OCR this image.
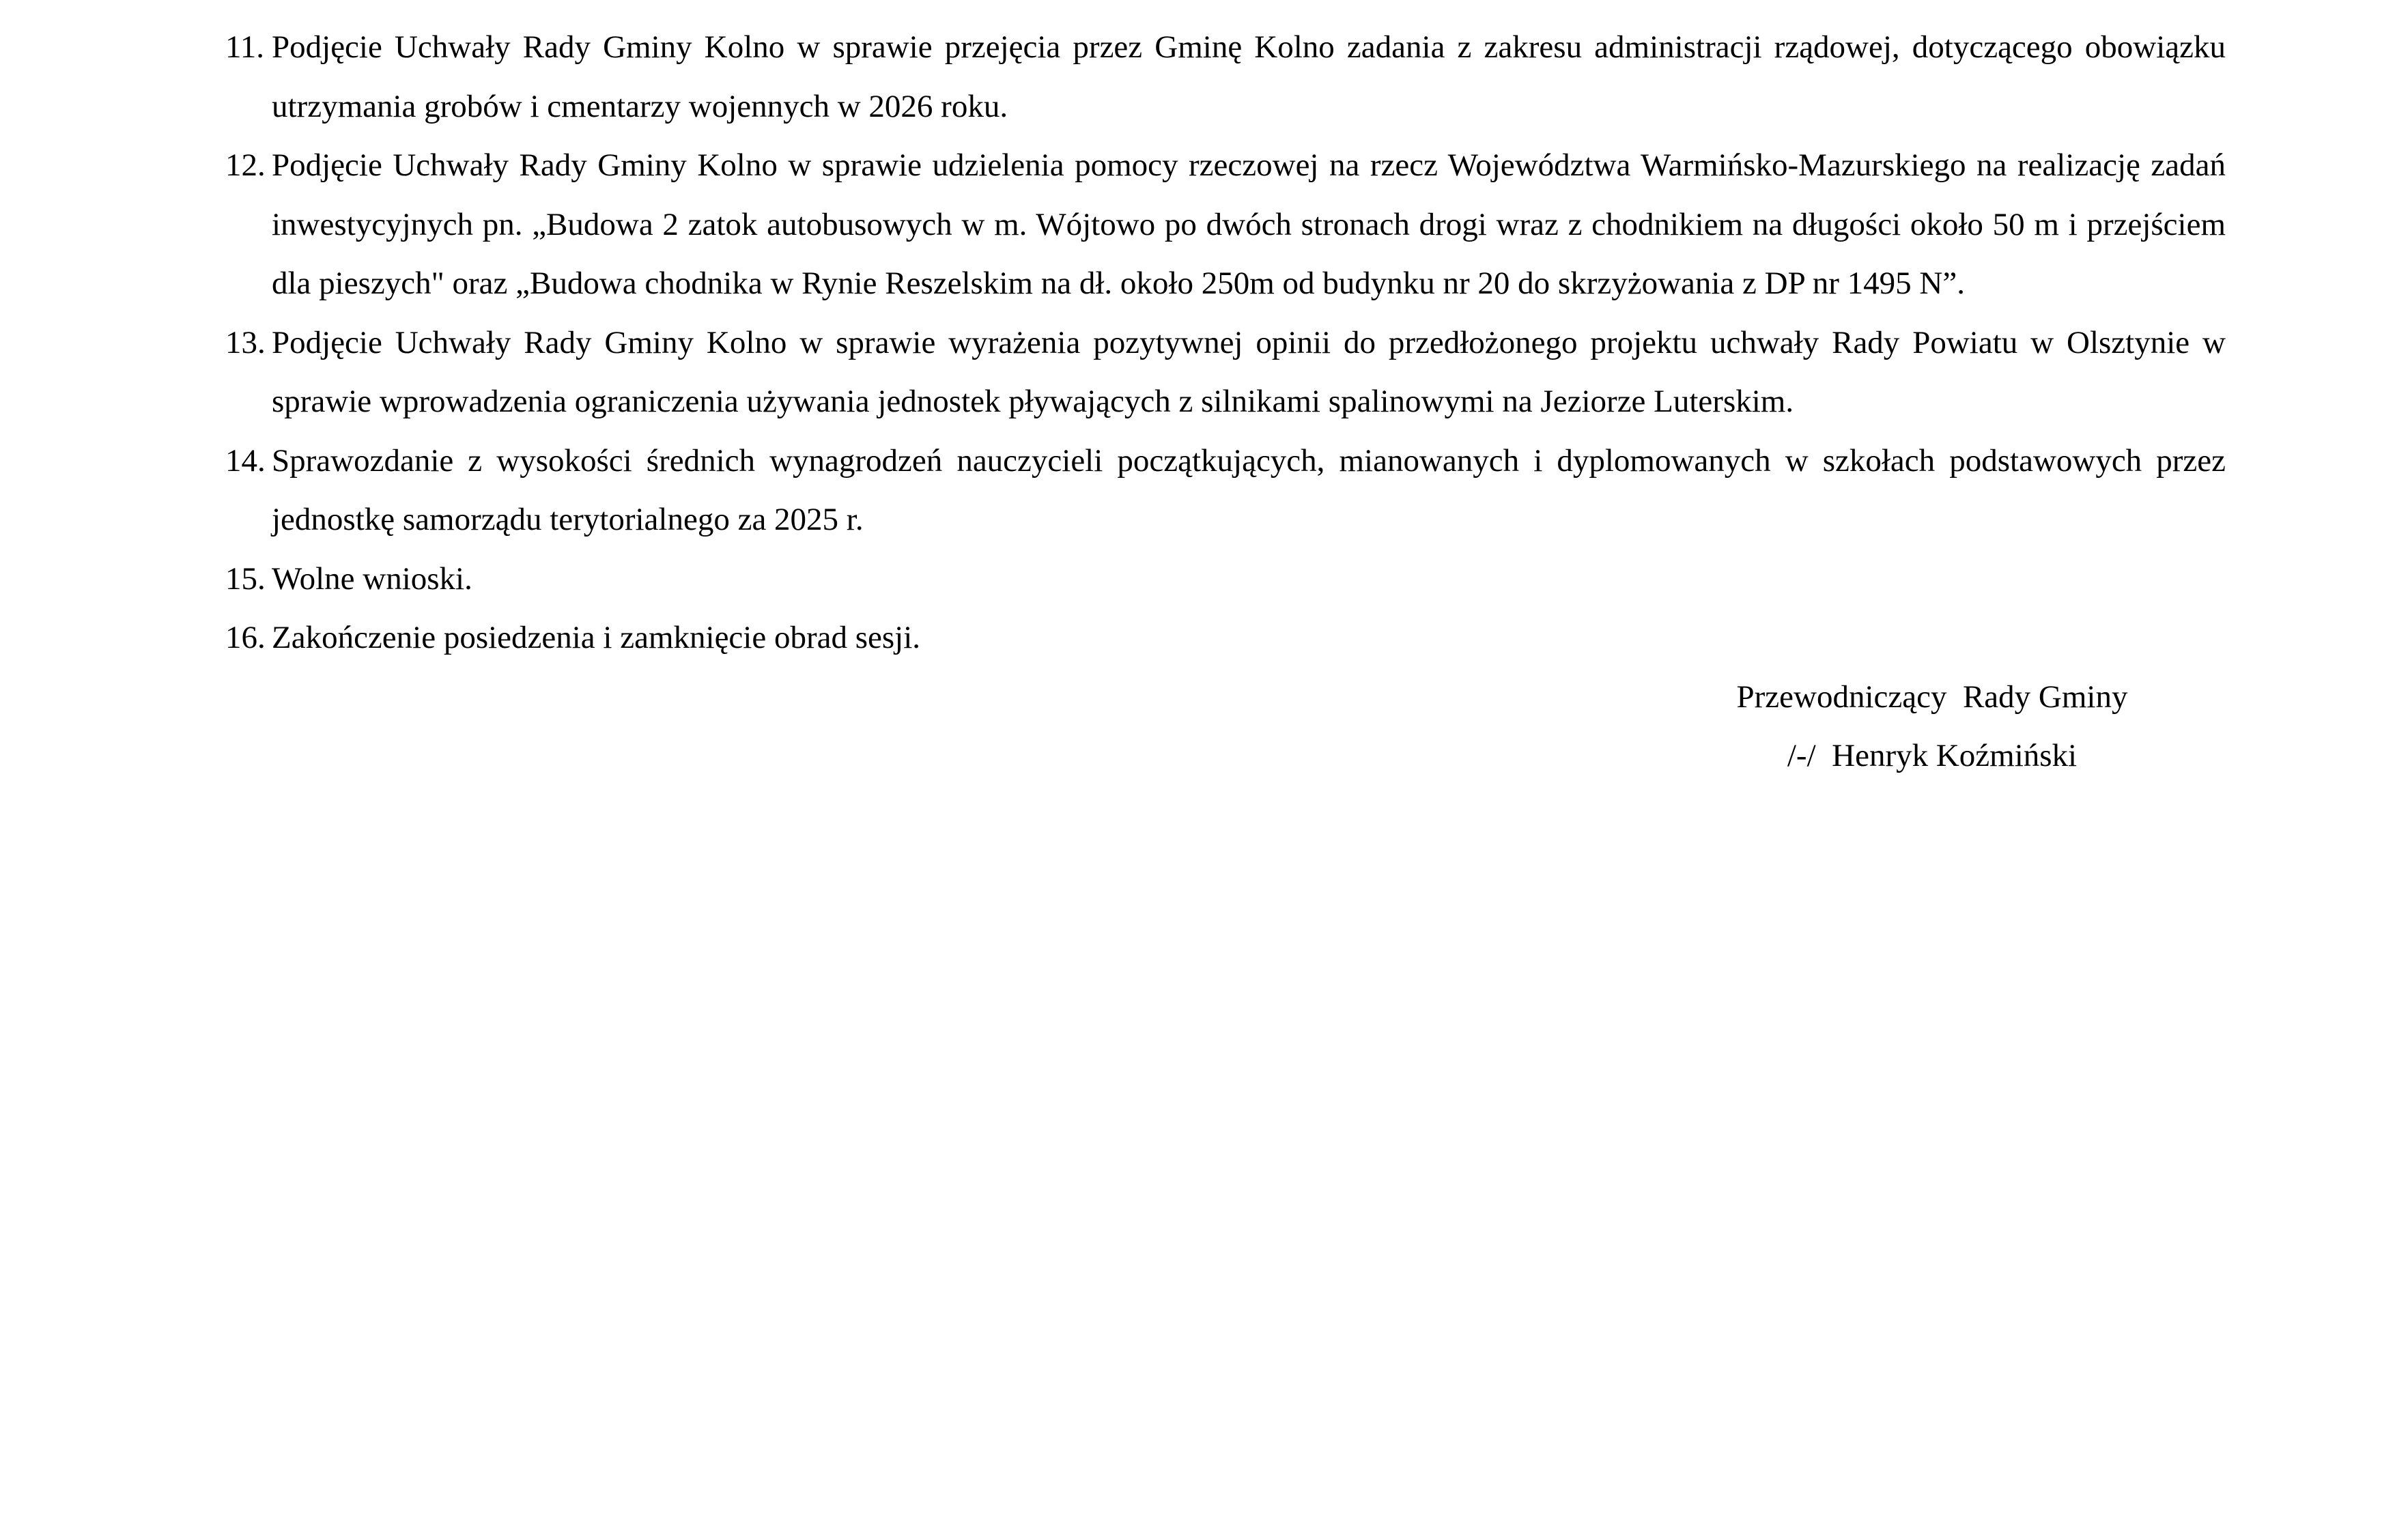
11. Podjęcie Uchwały Rady Gminy Kolno w sprawie przejęcia przez Gminę Kolno zadania z zakresu administracji rządowej, dotyczącego obowiązku utrzymania grobów i cmentarzy wojennych w 2026 roku.
12. Podjęcie Uchwały Rady Gminy Kolno w sprawie udzielenia pomocy rzeczowej na rzecz Województwa Warmińsko-Mazurskiego na realizację zadań inwestycyjnych pn. „Budowa 2 zatok autobusowych w m. Wójtowo po dwóch stronach drogi wraz z chodnikiem na długości około 50 m i przejściem dla pieszych" oraz „Budowa chodnika w Rynie Reszelskim na dł. około 250m od budynku nr 20 do skrzyżowania z DP nr 1495 N”.
13. Podjęcie Uchwały Rady Gminy Kolno w sprawie wyrażenia pozytywnej opinii do przedłożonego projektu uchwały Rady Powiatu w Olsztynie w sprawie wprowadzenia ograniczenia używania jednostek pływających z silnikami spalinowymi na Jeziorze Luterskim.
14. Sprawozdanie z wysokości średnich wynagrodzeń nauczycieli początkujących, mianowanych i dyplomowanych w szkołach podstawowych przez jednostkę samorządu terytorialnego za 2025 r.
15. Wolne wnioski.
16. Zakończenie posiedzenia i zamknięcie obrad sesji.
Przewodniczący  Rady Gminy
/-/  Henryk Koźmiński
